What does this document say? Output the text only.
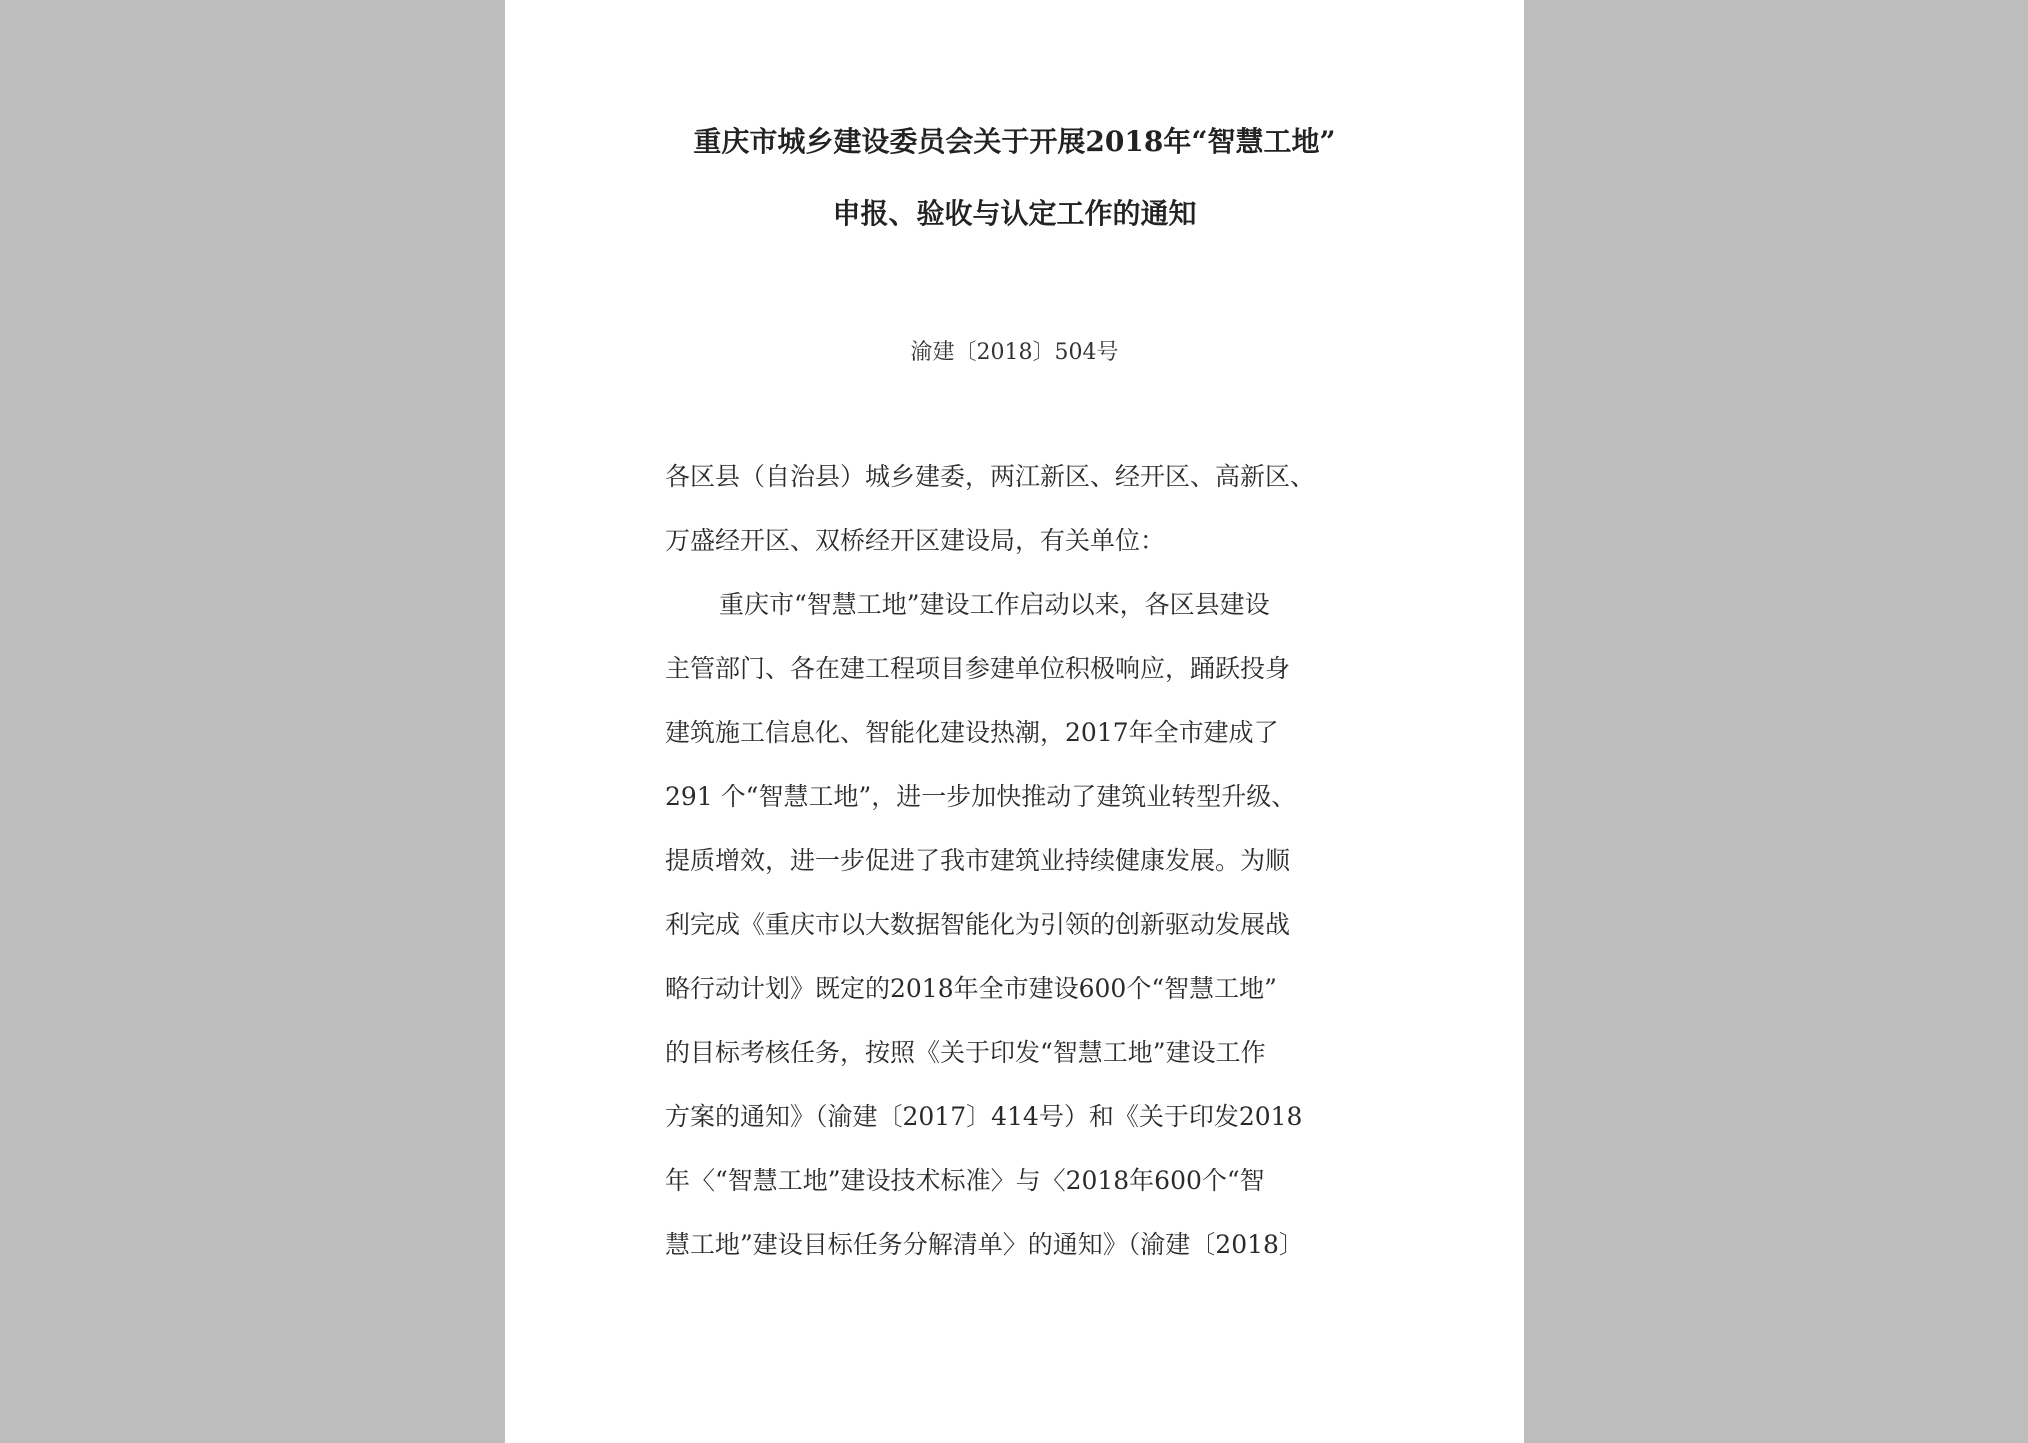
重庆市城乡建设委员会关于开展2018年“智慧工地”
申报、验收与认定工作的通知
渝建〔2018〕504号
各区县（自治县）城乡建委，两江新区、经开区、高新区、
万盛经开区、双桥经开区建设局，有关单位：
重庆市“智慧工地”建设工作启动以来，各区县建设
主管部门、各在建工程项目参建单位积极响应，踊跃投身
建筑施工信息化、智能化建设热潮，2017年全市建成了
291 个“智慧工地”，进一步加快推动了建筑业转型升级、
提质增效，进一步促进了我市建筑业持续健康发展。为顺
利完成《重庆市以大数据智能化为引领的创新驱动发展战
略行动计划》既定的2018年全市建设600个“智慧工地”
的目标考核任务，按照《关于印发“智慧工地”建设工作
方案的通知》（渝建〔2017〕414号）和《关于印发2018
年〈“智慧工地”建设技术标准〉与〈2018年600个“智
慧工地”建设目标任务分解清单〉的通知》（渝建〔2018〕
